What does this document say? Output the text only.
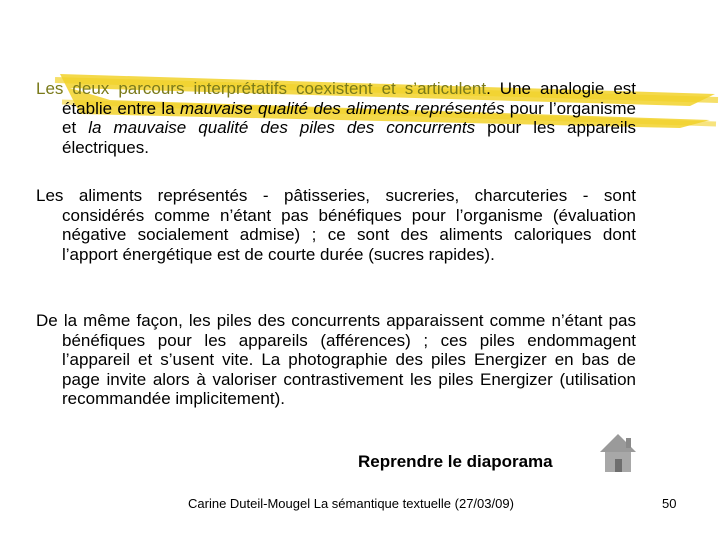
Les deux parcours interprétatifs coexistent et s’articulent. Une analogie est établie entre la mauvaise qualité des aliments représentés pour l’organisme et la mauvaise qualité des piles des concurrents pour les appareils électriques.
Les aliments représentés - pâtisseries, sucreries, charcuteries - sont considérés comme n’étant pas bénéfiques pour l’organisme (évaluation négative socialement admise) ; ce sont des aliments caloriques dont l’apport énergétique est de courte durée (sucres rapides).
De la même façon, les piles des concurrents apparaissent comme n’étant pas bénéfiques pour les appareils (afférences) ; ces piles endommagent l’appareil et s’usent vite. La photographie des piles Energizer en bas de page invite alors à valoriser contrastivement les piles Energizer (utilisation recommandée implicitement).
Reprendre le diaporama
Carine Duteil-Mougel La sémantique textuelle (27/03/09)	50
